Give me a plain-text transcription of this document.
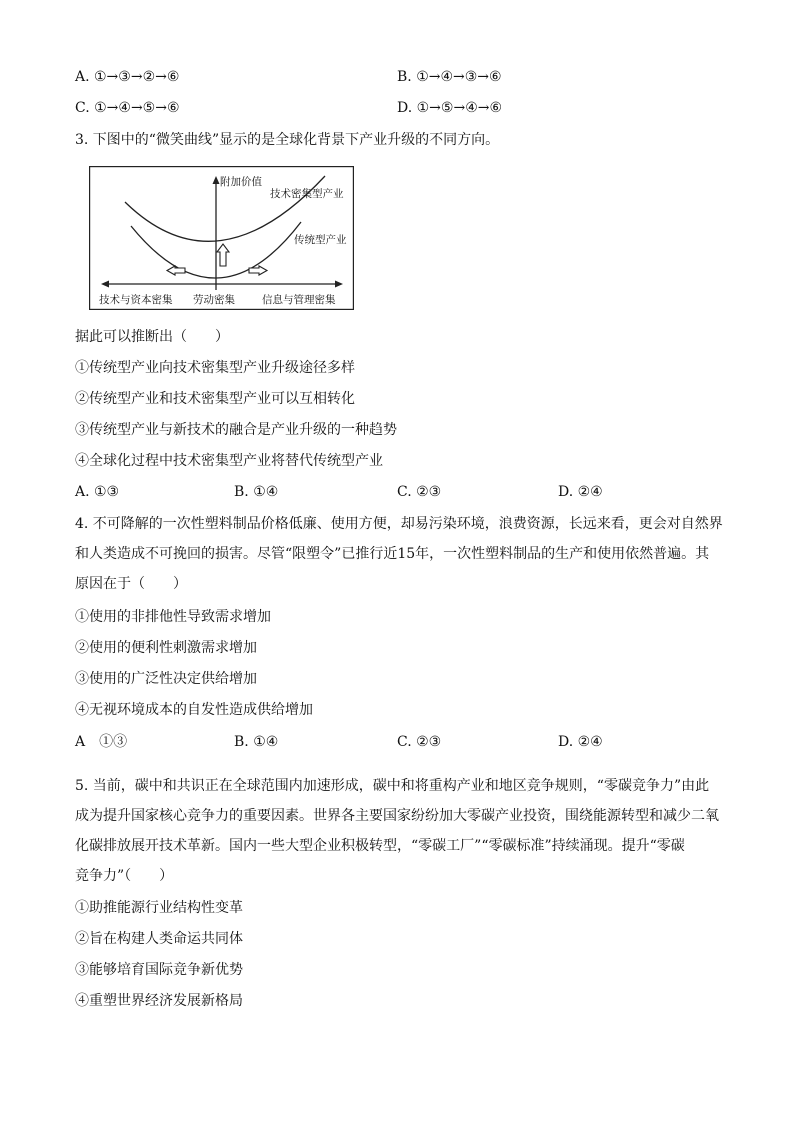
A. ①→③→②→⑥	B. ①→④→③→⑥
C. ①→④→⑤→⑥	D. ①→⑤→④→⑥
3. 下图中的“微笑曲线”显示的是全球化背景下产业升级的不同方向。
附加价值
技术密集型产业
传统型产业
技术与资本密集 劳动密集	信息与管理密集
据此可以推断出（　　）
①传统型产业向技术密集型产业升级途径多样
②传统型产业和技术密集型产业可以互相转化
③传统型产业与新技术的融合是产业升级的一种趋势
④全球化过程中技术密集型产业将替代传统型产业
A. ①③	B. ①④	C. ②③	D. ②④
4. 不可降解的一次性塑料制品价格低廉、使用方便，却易污染环境，浪费资源，长远来看，更会对自然界
和人类造成不可挽回的损害。尽管“限塑令”已推行近15年，一次性塑料制品的生产和使用依然普遍。其
原因在于（　　）
①使用的非排他性导致需求增加
②使用的便利性刺激需求增加
③使用的广泛性决定供给增加
④无视环境成本的自发性造成供给增加
A　①③	B. ①④	C. ②③	D. ②④
5. 当前，碳中和共识正在全球范围内加速形成，碳中和将重构产业和地区竞争规则，“零碳竞争力”由此
成为提升国家核心竞争力的重要因素。世界各主要国家纷纷加大零碳产业投资，围绕能源转型和减少二氧
化碳排放展开技术革新。国内一些大型企业积极转型，“零碳工厂”“零碳标准”持续涌现。提升“零碳
竞争力”（　　）
①助推能源行业结构性变革
②旨在构建人类命运共同体
③能够培育国际竞争新优势
④重塑世界经济发展新格局
